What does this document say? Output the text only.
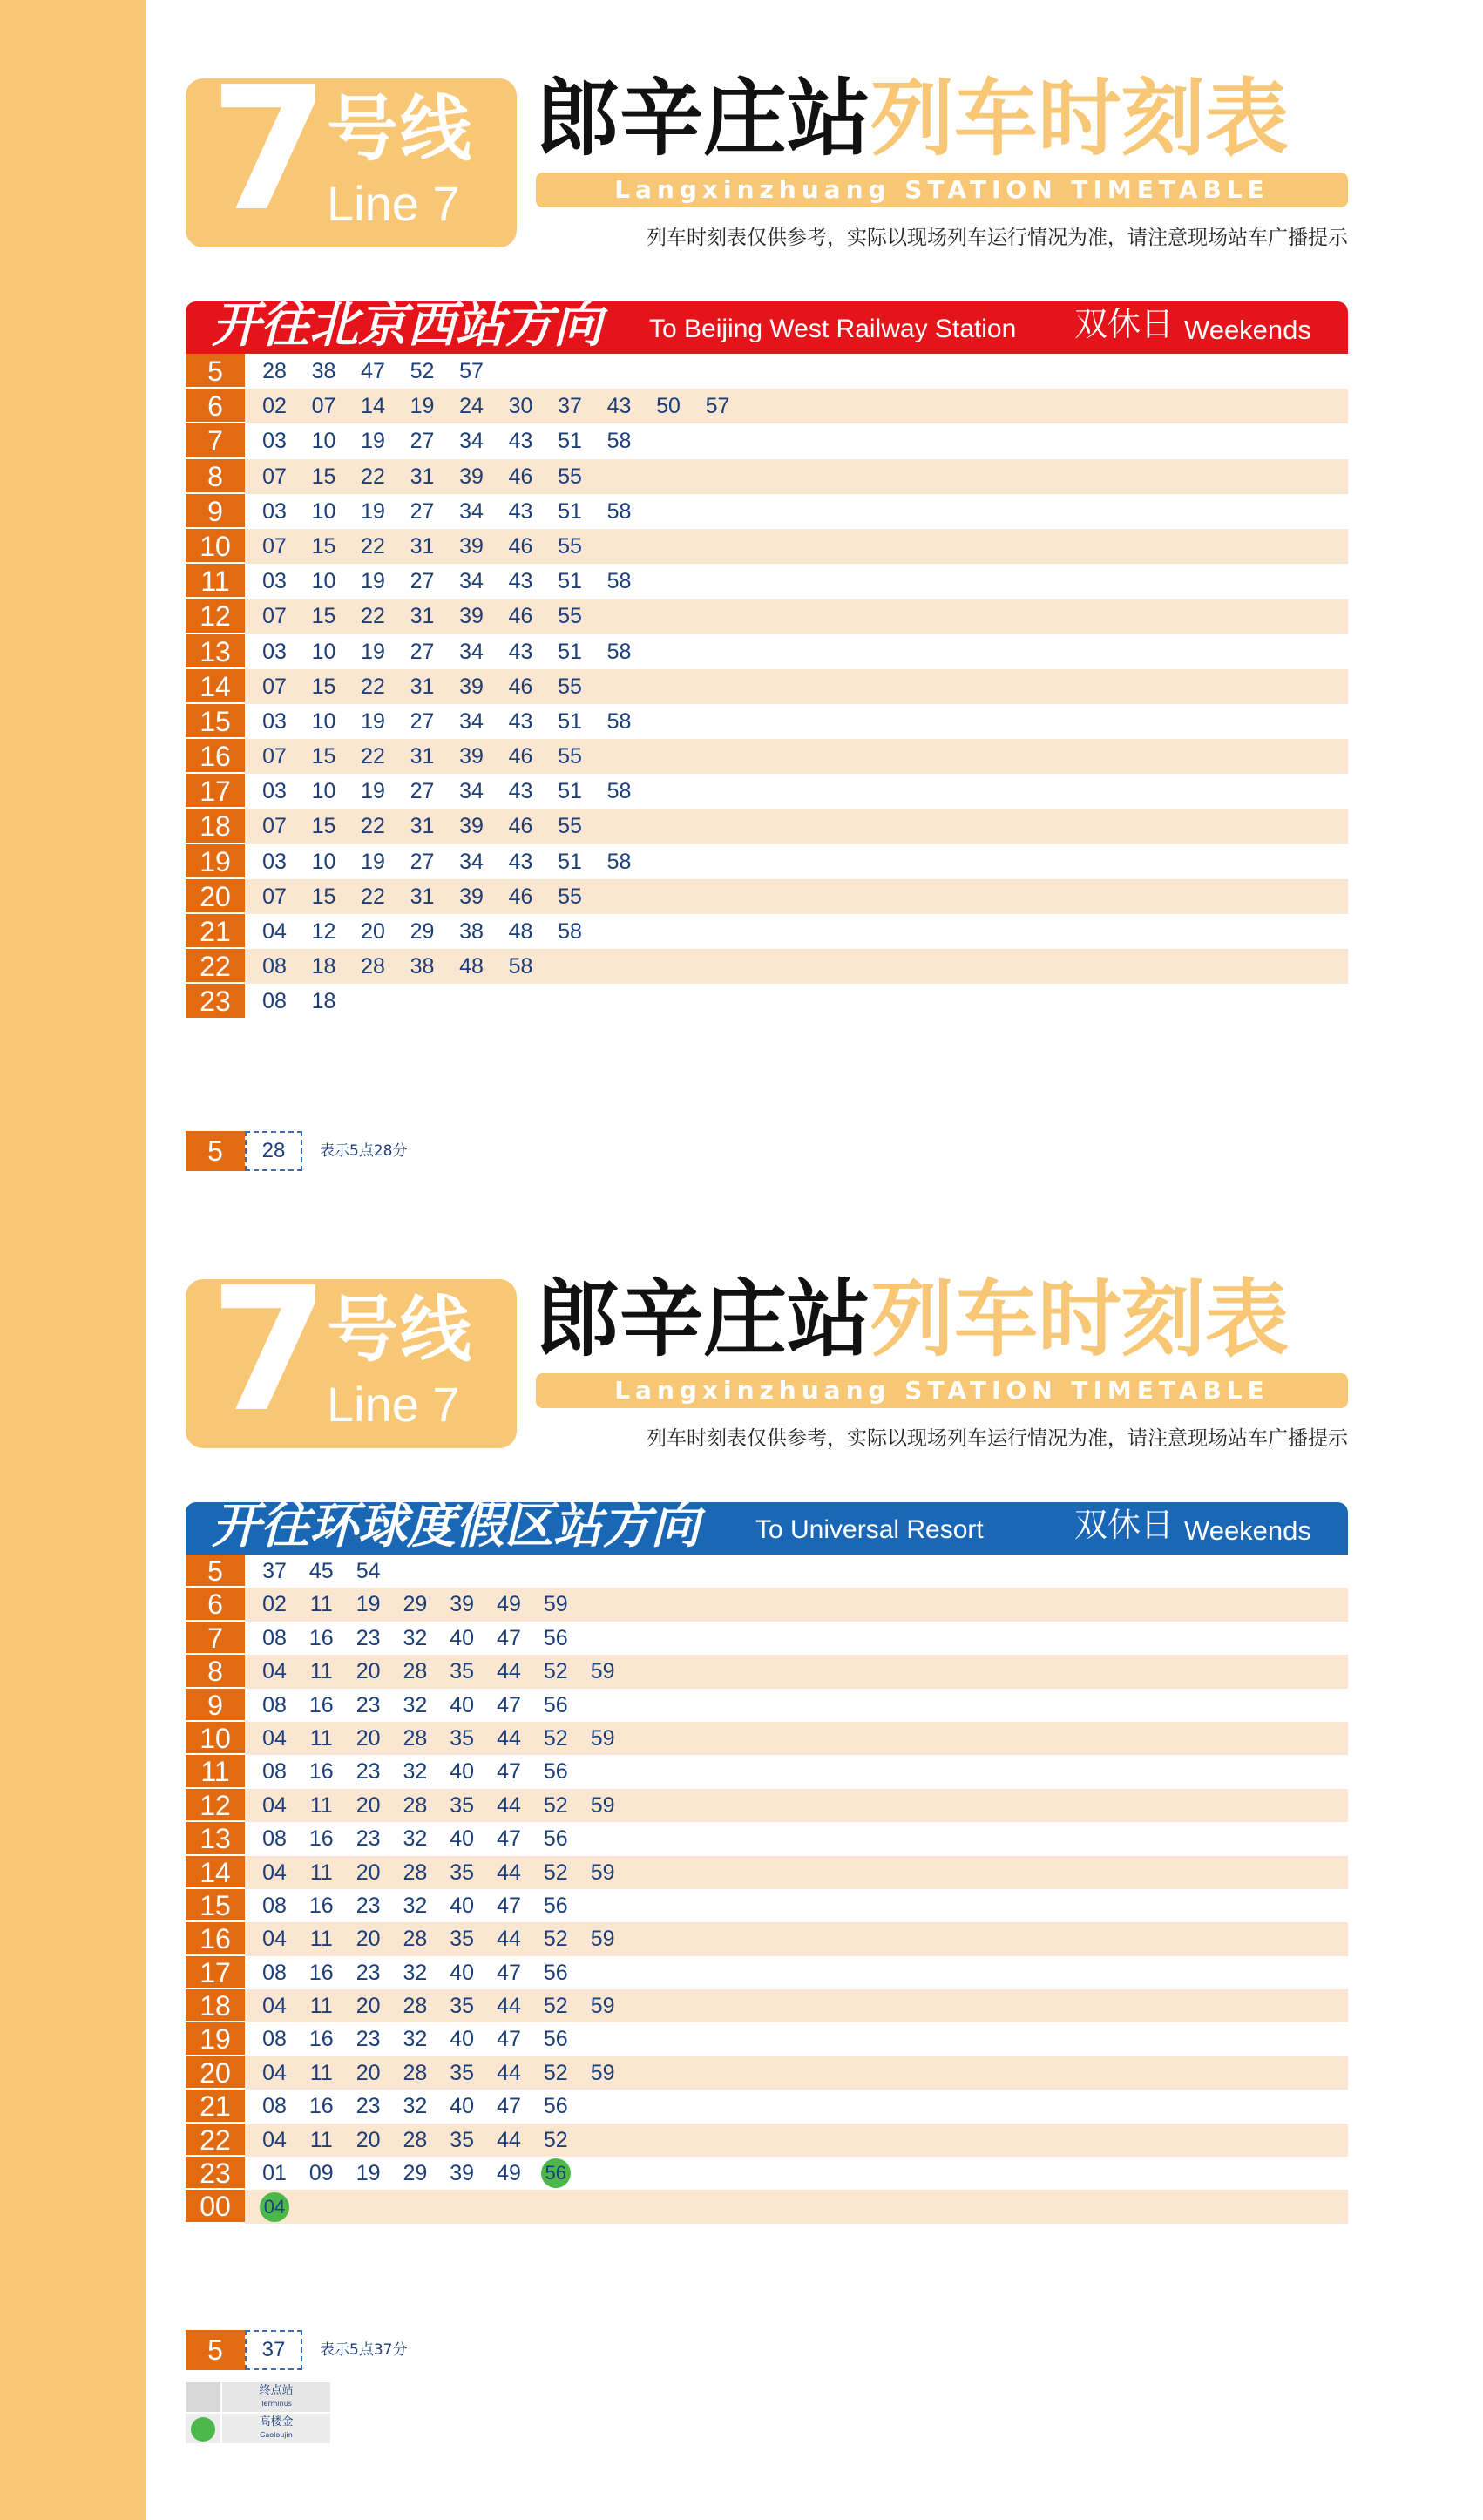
7
号线
Line 7
郎辛庄站列车时刻表
Langxinzhuang STATION TIMETABLE
列车时刻表仅供参考，实际以现场列车运行情况为准，请注意现场站车广播提示
开往北京西站方向 To Beijing West Railway Station 双休日 Weekends
5	28 38 47 52 57
6	02 07 14 19 24 30 37 43 50 57
7	03 10 19 27 34 43 51 58
8	07 15 22 31 39 46 55
9	03 10 19 27 34 43 51 58
10	07 15 22 31 39 46 55
11	03 10 19 27 34 43 51 58
12	07 15 22 31 39 46 55
13	03 10 19 27 34 43 51 58
14	07 15 22 31 39 46 55
15	03 10 19 27 34 43 51 58
16	07 15 22 31 39 46 55
17	03 10 19 27 34 43 51 58
18	07 15 22 31 39 46 55
19	03 10 19 27 34 43 51 58
20	07 15 22 31 39 46 55
21	04 12 20 29 38 48 58
22	08 18 28 38 48 58
23	08 18
5	28	表示5点28分
7
号线
Line 7
郎辛庄站列车时刻表
Langxinzhuang STATION TIMETABLE
列车时刻表仅供参考，实际以现场列车运行情况为准，请注意现场站车广播提示
开往环球度假区站方向 To Universal Resort	双休日 Weekends
5	37 45 54
6	02 11 19 29 39 49 59
7	08 16 23 32 40 47 56
8	04 11 20 28 35 44 52 59
9	08 16 23 32 40 47 56
10	04 11 20 28 35 44 52 59
11	08 16 23 32 40 47 56
12	04 11 20 28 35 44 52 59
13	08 16 23 32 40 47 56
14	04 11 20 28 35 44 52 59
15	08 16 23 32 40 47 56
16	04 11 20 28 35 44 52 59
17	08 16 23 32 40 47 56
18	04 11 20 28 35 44 52 59
19	08 16 23 32 40 47 56
20	04 11 20 28 35 44 52 59
21	08 16 23 32 40 47 56
22	04 11 20 28 35 44 52
23	01 09 19 29 39 49 56
00	04
5	37	表示5点37分
终点站
Terminus
高楼金
Gaoloujin
